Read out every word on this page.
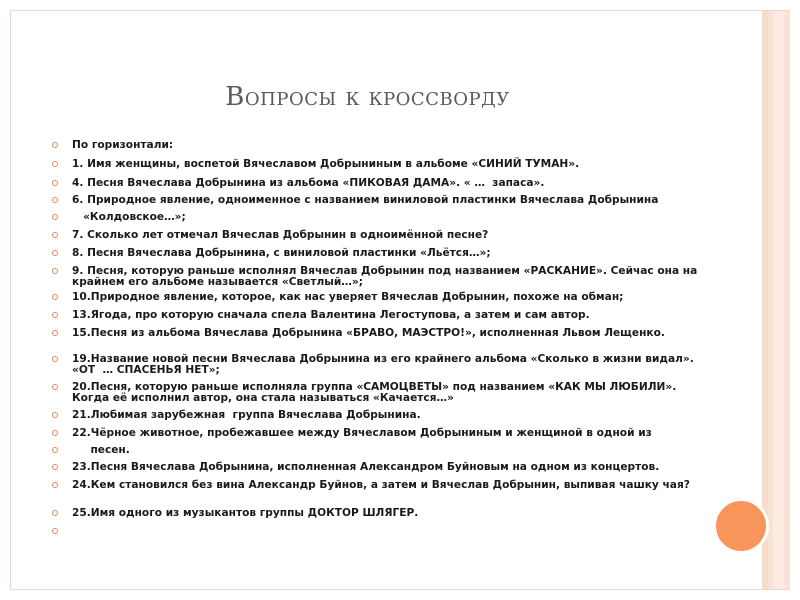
Вопросы к кроссворду
По горизонтали:
1. Имя женщины, воспетой Вячеславом Добрыниным в альбоме «СИНИЙ ТУМАН».
4. Песня Вячеслава Добрынина из альбома «ПИКОВАЯ ДАМА». « …  запаса».
6. Природное явление, одноименное с названием виниловой пластинки Вячеслава Добрынина
«Колдовское…»;
7. Сколько лет отмечал Вячеслав Добрынин в одноимённой песне?
8. Песня Вячеслава Добрынина, с виниловой пластинки «Льётся…»;
9. Песня, которую раньше исполнял Вячеслав Добрынин под названием «РАСКАНИЕ». Сейчас она на крайнем его альбоме называется «Светлый…»;
10.Природное явление, которое, как нас уверяет Вячеслав Добрынин, похоже на обман;
13.Ягода, про которую сначала спела Валентина Легоступова, а затем и сам автор.
15.Песня из альбома Вячеслава Добрынина «БРАВО, МАЭСТРО!», исполненная Львом Лещенко.
19.Название новой песни Вячеслава Добрынина из его крайнего альбома «Сколько в жизни видал». «ОТ  … СПАСЕНЬЯ НЕТ»;
20.Песня, которую раньше исполняла группа «САМОЦВЕТЫ» под названием «КАК МЫ ЛЮБИЛИ». Когда её исполнил автор, она стала называться «Качается…»
21.Любимая зарубежная  группа Вячеслава Добрынина.
22.Чёрное животное, пробежавшее между Вячеславом Добрыниным и женщиной в одной из
песен.
23.Песня Вячеслава Добрынина, исполненная Александром Буйновым на одном из концертов.
24.Кем становился без вина Александр Буйнов, а затем и Вячеслав Добрынин, выпивая чашку чая?
25.Имя одного из музыкантов группы ДОКТОР ШЛЯГЕР.
